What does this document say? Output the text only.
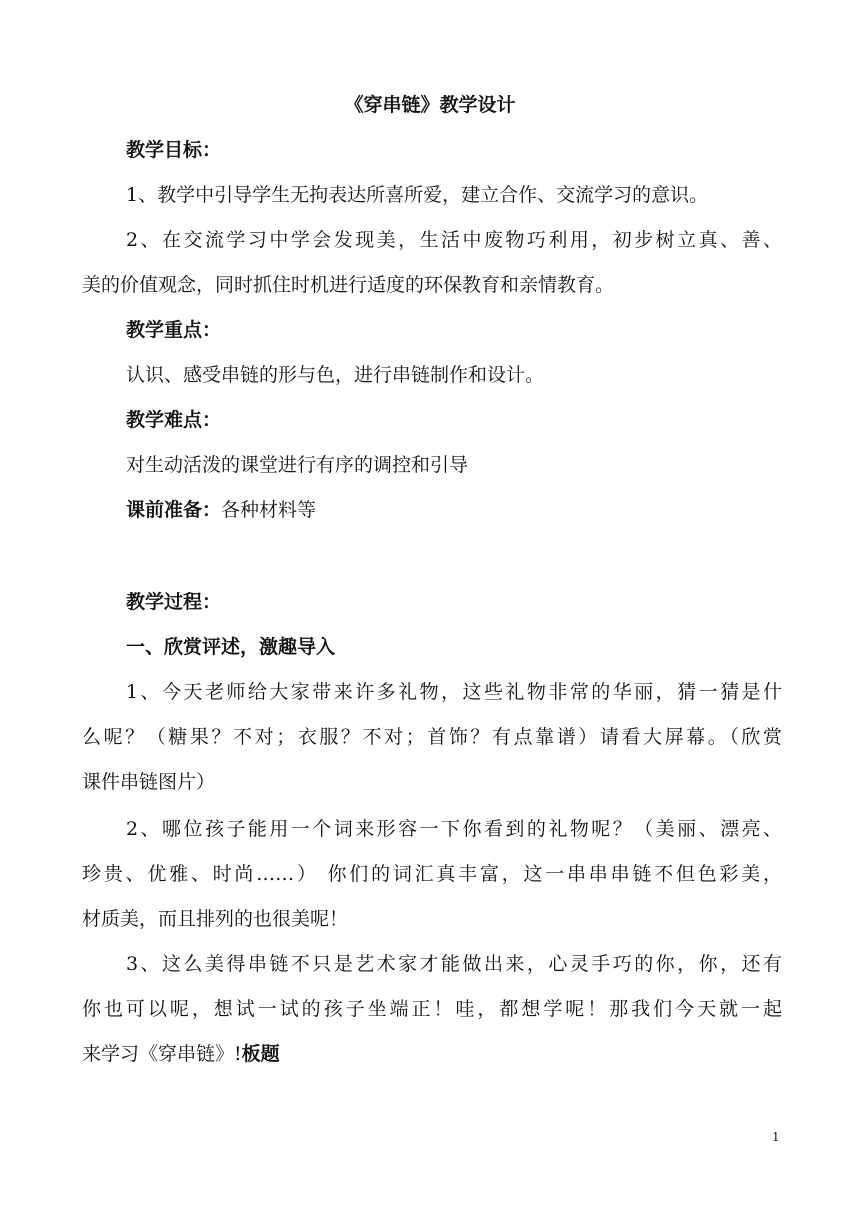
《穿串链》教学设计
教学目标：
1、教学中引导学生无拘表达所喜所爱，建立合作、交流学习的意识。
2、在交流学习中学会发现美，生活中废物巧利用，初步树立真、善、
美的价值观念，同时抓住时机进行适度的环保教育和亲情教育。
教学重点：
认识、感受串链的形与色，进行串链制作和设计。
教学难点：
对生动活泼的课堂进行有序的调控和引导
课前准备：各种材料等
教学过程：
一、欣赏评述，激趣导入
1、今天老师给大家带来许多礼物，这些礼物非常的华丽，猜一猜是什
么呢？（糖果？不对；衣服？不对；首饰？有点靠谱）请看大屏幕。（欣赏
课件串链图片）
2、哪位孩子能用一个词来形容一下你看到的礼物呢？（美丽、漂亮、
珍贵、优雅、时尚……） 你们的词汇真丰富，这一串串串链不但色彩美，
材质美，而且排列的也很美呢！
3、这么美得串链不只是艺术家才能做出来，心灵手巧的你，你，还有
你也可以呢，想试一试的孩子坐端正！哇，都想学呢！那我们今天就一起
来学习《穿串链》!板题
1
